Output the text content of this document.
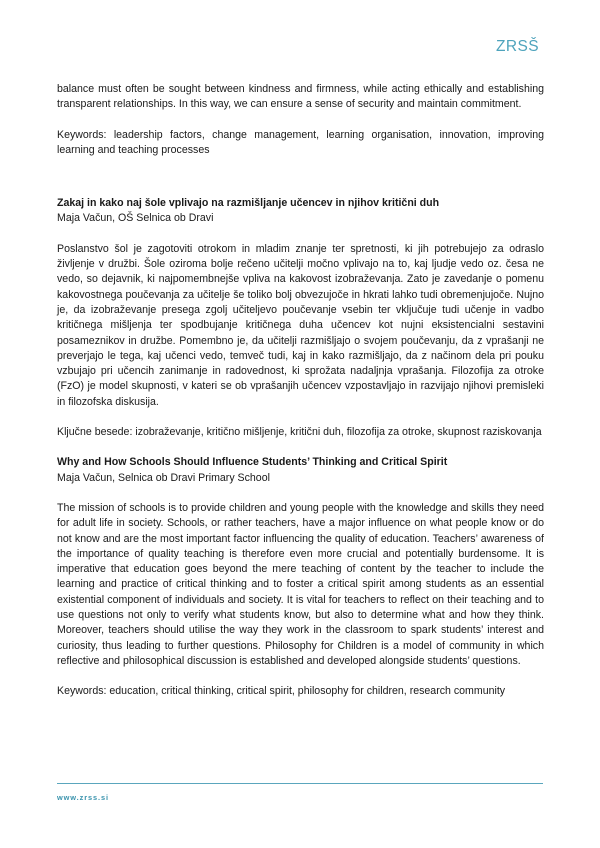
ZRSŠ

balance must often be sought between kindness and firmness, while acting ethically and establishing transparent relationships. In this way, we can ensure a sense of security and maintain commitment.

Keywords: leadership factors, change management, learning organisation, innovation, improving learning and teaching processes

Zakaj in kako naj šole vplivajo na razmišljanje učencev in njihov kritični duh

Maja Vačun, OŠ Selnica ob Dravi

Poslanstvo šol je zagotoviti otrokom in mladim znanje ter spretnosti, ki jih potrebujejo za odraslo življenje v družbi. Šole oziroma bolje rečeno učitelji močno vplivajo na to, kaj ljudje vedo oz. česa ne vedo, so dejavnik, ki najpomembnejše vpliva na kakovost izobraževanja. Zato je zavedanje o pomenu kakovostnega poučevanja za učitelje še toliko bolj obvezujoče in hkrati lahko tudi obremenjujoče. Nujno je, da izobraževanje presega zgolj učiteljevo poučevanje vsebin ter vključuje tudi učenje in vadbo kritičnega mišljenja ter spodbujanje kritičnega duha učencev kot nujni eksistencialni sestavini posameznikov in družbe. Pomembno je, da učitelji razmišljajo o svojem poučevanju, da z vprašanji ne preverjajo le tega, kaj učenci vedo, temveč tudi, kaj in kako razmišljajo, da z načinom dela pri pouku vzbujajo pri učencih zanimanje in radovednost, ki sprožata nadaljnja vprašanja. Filozofija za otroke (FzO) je model skupnosti, v kateri se ob vprašanjih učencev vzpostavljajo in razvijajo njihovi premisleki in filozofska diskusija.

Ključne besede: izobraževanje, kritično mišljenje, kritični duh, filozofija za otroke, skupnost raziskovanja

Why and How Schools Should Influence Students’ Thinking and Critical Spirit

Maja Vačun, Selnica ob Dravi Primary School

The mission of schools is to provide children and young people with the knowledge and skills they need for adult life in society. Schools, or rather teachers, have a major influence on what people know or do not know and are the most important factor influencing the quality of education. Teachers’ awareness of the importance of quality teaching is therefore even more crucial and potentially burdensome. It is imperative that education goes beyond the mere teaching of content by the teacher to include the learning and practice of critical thinking and to foster a critical spirit among students as an essential existential component of individuals and society. It is vital for teachers to reflect on their teaching and to use questions not only to verify what students know, but also to determine what and how they think. Moreover, teachers should utilise the way they work in the classroom to spark students’ interest and curiosity, thus leading to further questions. Philosophy for Children is a model of community in which reflective and philosophical discussion is established and developed alongside students’ questions.

Keywords: education, critical thinking, critical spirit, philosophy for children, research community

www.zrss.si
